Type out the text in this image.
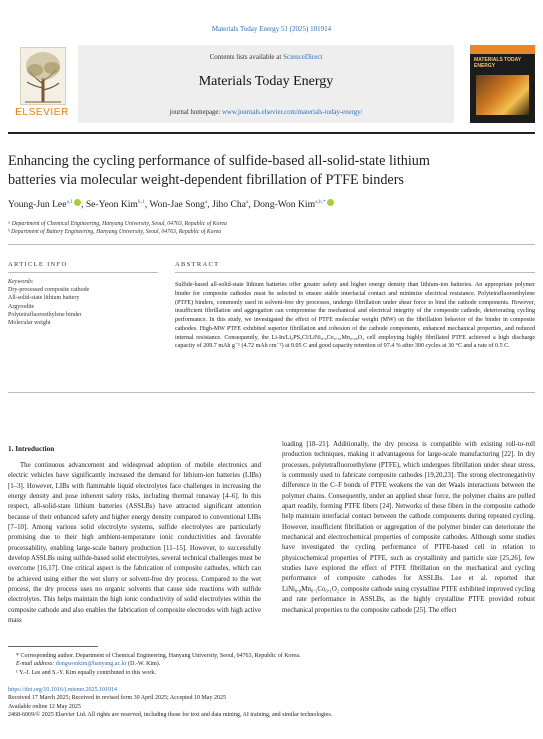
Materials Today Energy 51 (2025) 101914
ELSEVIER
Contents lists available at ScienceDirect
Materials Today Energy
journal homepage: www.journals.elsevier.com/materials-today-energy/
MATERIALS TODAY ENERGY
Enhancing the cycling performance of sulfide-based all-solid-state lithium batteries via molecular weight-dependent fibrillation of PTFE binders
Young-Jun Lee$^{a,1}$ , Se-Yeon Kim$^{b,1}$, Won-Jae Song$^a$, Jiho Cha$^a$, Dong-Won Kim$^{a,b,*}$
ᵃ Department of Chemical Engineering, Hanyang University, Seoul, 04763, Republic of Korea
ᵇ Department of Battery Engineering, Hanyang University, Seoul, 04763, Republic of Korea
ARTICLE INFO
Keywords:
Dry-processed composite cathode
All-solid-state lithium battery
Argyrodite
Polytetrafluoroethylene binder
Molecular weight
ABSTRACT
Sulfide-based all-solid-state lithium batteries offer greater safety and higher energy density than lithium-ion batteries. An appropriate polymer binder for composite cathodes must be selected to ensure stable interfacial contact and minimize electrical resistance. Polytetrafluoroethylene (PTFE) binders, commonly used in solvent-free dry processes, undergo fibrillation under shear force to bind the cathode components. However, insufficient fibrillation and aggregation can compromise the mechanical and electrical integrity of the composite cathode, deteriorating cycling performance. In this study, we investigated the effect of PTFE molecular weight (MW) on the fibrillation behavior of the binder in composite cathodes. High-MW PTFE exhibited superior fibrillation and cohesion of the cathode components, enhanced mechanical properties, and reduced internal resistance. Consequently, the Li-In/Li₆PS₅Cl/LiNi₀.₈Co₀.₁₀Mn₀.₀₈O₂ cell employing highly fibrillated PTFE achieved a high discharge capacity of 209.7 mAh g⁻¹ (4.72 mAh cm⁻²) at 0.05 C and good capacity retention of 97.4 % after 300 cycles at 30 °C and a rate of 0.5 C.
1. Introduction
The continuous advancement and widespread adoption of mobile electronics and electric vehicles have significantly increased the demand for lithium-ion batteries (LIBs) [1–3]. However, LIBs with flammable liquid electrolytes face challenges in increasing the energy density and pose inherent safety risks, including thermal runaway [4–6]. In this respect, all-solid-state lithium batteries (ASSLBs) have attracted significant attention because of their enhanced safety and higher energy density compared to conventional LIBs [7–10]. Among various solid electrolyte systems, sulfide electrolytes are particularly promising due to their high ambient-temperature ionic conductivities and favorable processability, enabling large-scale battery production [11–15]. However, to successfully develop ASSLBs using sulfide-based solid electrolytes, several technical challenges must be overcome [16,17]. One critical aspect is the fabrication of composite cathodes, which can be achieved using either the wet slurry or solvent-free dry process. Compared to the wet process, the dry process uses no organic solvents that cause side reactions with sulfide electrolytes. This helps maintain the high ionic conductivity of solid electrolytes within the composite cathode and also enables the fabrication of composite electrodes with high active mass
loading [18–21]. Additionally, the dry process is compatible with existing roll-to-roll production techniques, making it advantageous for large-scale manufacturing [22]. In dry processes, polytetrafluoroethylene (PTFE), which undergoes fibrillation under shear stress, is commonly used to fabricate composite cathodes [19,20,23]. The strong electronegativity difference in the C–F bonds of PTFE weakens the van der Waals interactions between the polymer chains. Consequently, under an applied shear force, the polymer chains are pulled apart readily, forming PTFE fibers [24]. Networks of these fibers in the composite cathode help maintain interfacial contact between the cathode components during repeated cycling. However, insufficient fibrillation or aggregation of the polymer binder can deteriorate the mechanical and electrochemical properties of composite cathodes. Although some studies have investigated the cycling performance of PTFE-based cell in relation to physicochemical properties of PTFE, such as crystallinity and particle size [25,26], few studies have explored the effect of PTFE fibrillation on the mechanical and cycling performance of composite cathodes for ASSLBs. Lee et al. reported that LiNi₀.₈Mn₀.₁Co₀.₁O₂ composite cathode using crystalline PTFE exhibited improved cycling and rate performance in ASSLBs, as the highly crystalline PTFE provided robust mechanical properties to the composite cathode [25]. The effect
* Corresponding author. Department of Chemical Engineering, Hanyang University, Seoul, 04763, Republic of Korea.
E-mail address: dongwonkim@hanyang.ac.kr (D.-W. Kim).
¹ Y.-J. Lee and S.-Y. Kim equally contributed to this work.
https://doi.org/10.1016/j.mtener.2025.101914
Received 17 March 2025; Received in revised form 30 April 2025; Accepted 10 May 2025
Available online 12 May 2025
2468-6069/© 2025 Elsevier Ltd. All rights are reserved, including those for text and data mining, AI training, and similar technologies.
